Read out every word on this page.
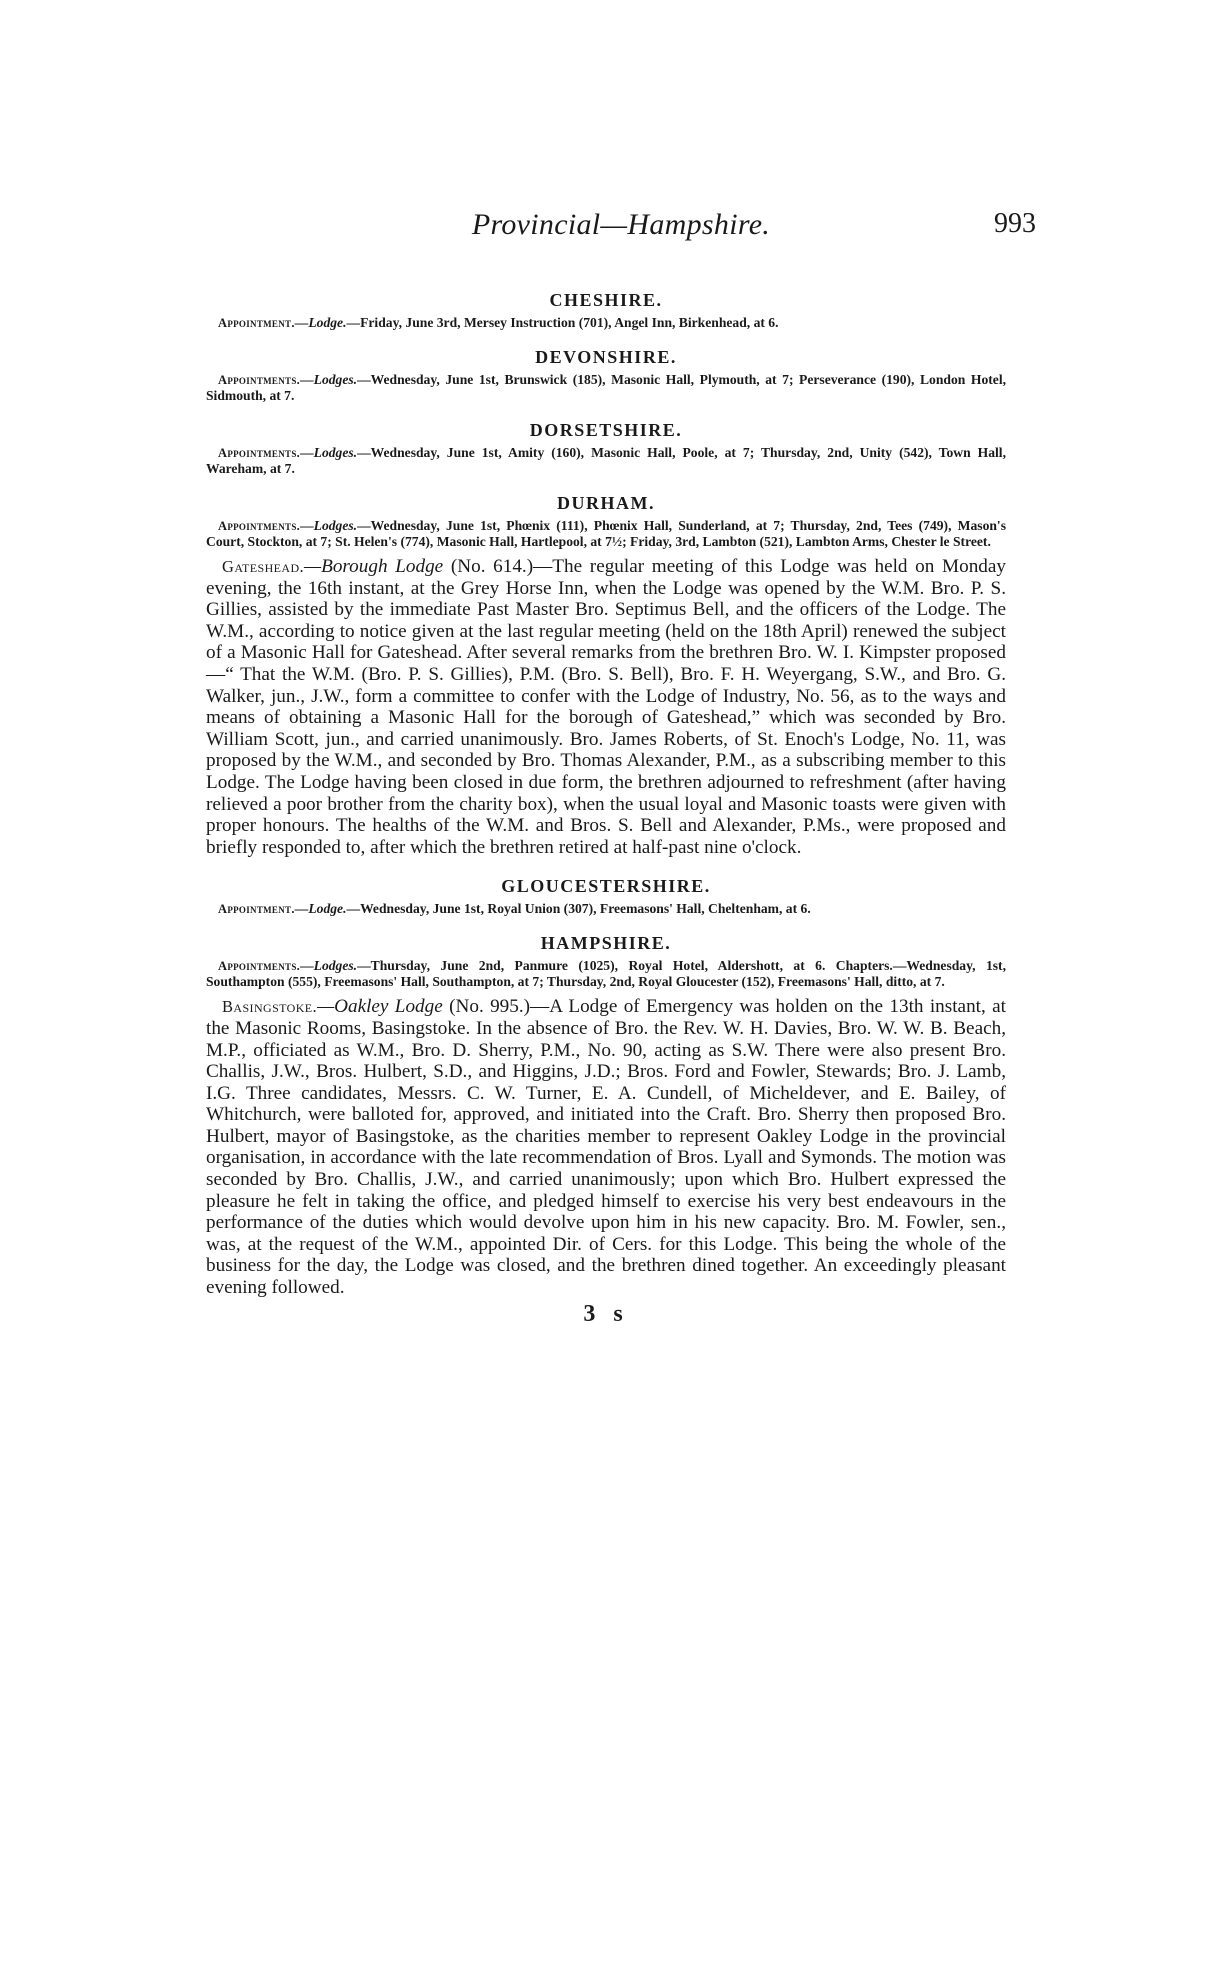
Provincial—Hampshire.	993
CHESHIRE.

Appointment.—Lodge.—Friday, June 3rd, Mersey Instruction (701), Angel Inn, Birkenhead, at 6.

DEVONSHIRE.

Appointments.—Lodges.—Wednesday, June 1st, Brunswick (185), Masonic Hall, Plymouth, at 7; Perseverance (190), London Hotel, Sidmouth, at 7.

DORSETSHIRE.

Appointments.—Lodges.—Wednesday, June 1st, Amity (160), Masonic Hall, Poole, at 7; Thursday, 2nd, Unity (542), Town Hall, Wareham, at 7.

DURHAM.

Appointments.—Lodges.—Wednesday, June 1st, Phœnix (111), Phœnix Hall, Sunderland, at 7; Thursday, 2nd, Tees (749), Mason's Court, Stockton, at 7; St. Helen's (774), Masonic Hall, Hartlepool, at 7½; Friday, 3rd, Lambton (521), Lambton Arms, Chester le Street.

Gateshead.—Borough Lodge (No. 614.)—The regular meeting of this Lodge was held on Monday evening, the 16th instant, at the Grey Horse Inn, when the Lodge was opened by the W.M. Bro. P. S. Gillies, assisted by the immediate Past Master Bro. Septimus Bell, and the officers of the Lodge. The W.M., according to notice given at the last regular meeting (held on the 18th April) renewed the subject of a Masonic Hall for Gateshead. After several remarks from the brethren Bro. W. I. Kimpster proposed—“ That the W.M. (Bro. P. S. Gillies), P.M. (Bro. S. Bell), Bro. F. H. Weyergang, S.W., and Bro. G. Walker, jun., J.W., form a committee to confer with the Lodge of Industry, No. 56, as to the ways and means of obtaining a Masonic Hall for the borough of Gateshead,” which was seconded by Bro. William Scott, jun., and carried unanimously. Bro. James Roberts, of St. Enoch's Lodge, No. 11, was proposed by the W.M., and seconded by Bro. Thomas Alexander, P.M., as a subscribing member to this Lodge. The Lodge having been closed in due form, the brethren adjourned to refreshment (after having relieved a poor brother from the charity box), when the usual loyal and Masonic toasts were given with proper honours. The healths of the W.M. and Bros. S. Bell and Alexander, P.Ms., were proposed and briefly responded to, after which the brethren retired at half-past nine o'clock.

GLOUCESTERSHIRE.

Appointment.—Lodge.—Wednesday, June 1st, Royal Union (307), Freemasons' Hall, Cheltenham, at 6.

HAMPSHIRE.

Appointments.—Lodges.—Thursday, June 2nd, Panmure (1025), Royal Hotel, Aldershott, at 6. Chapters.—Wednesday, 1st, Southampton (555), Freemasons' Hall, Southampton, at 7; Thursday, 2nd, Royal Gloucester (152), Freemasons' Hall, ditto, at 7.

Basingstoke.—Oakley Lodge (No. 995.)—A Lodge of Emergency was holden on the 13th instant, at the Masonic Rooms, Basingstoke. In the absence of Bro. the Rev. W. H. Davies, Bro. W. W. B. Beach, M.P., officiated as W.M., Bro. D. Sherry, P.M., No. 90, acting as S.W. There were also present Bro. Challis, J.W., Bros. Hulbert, S.D., and Higgins, J.D.; Bros. Ford and Fowler, Stewards; Bro. J. Lamb, I.G. Three candidates, Messrs. C. W. Turner, E. A. Cundell, of Micheldever, and E. Bailey, of Whitchurch, were balloted for, approved, and initiated into the Craft. Bro. Sherry then proposed Bro. Hulbert, mayor of Basingstoke, as the charities member to represent Oakley Lodge in the provincial organisation, in accordance with the late recommendation of Bros. Lyall and Symonds. The motion was seconded by Bro. Challis, J.W., and carried unanimously; upon which Bro. Hulbert expressed the pleasure he felt in taking the office, and pledged himself to exercise his very best endeavours in the performance of the duties which would devolve upon him in his new capacity. Bro. M. Fowler, sen., was, at the request of the W.M., appointed Dir. of Cers. for this Lodge. This being the whole of the business for the day, the Lodge was closed, and the brethren dined together. An exceedingly pleasant evening followed.

3 s
